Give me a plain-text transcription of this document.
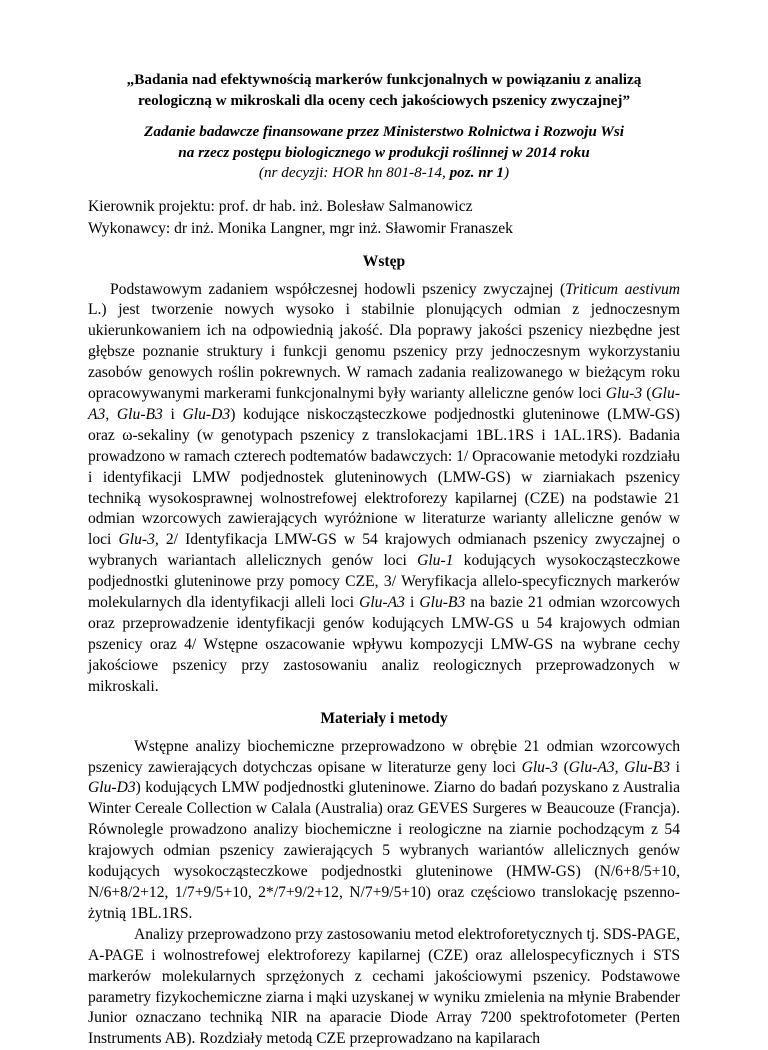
„Badania nad efektywnością markerów funkcjonalnych w powiązaniu z analizą reologiczną w mikroskali dla oceny cech jakościowych pszenicy zwyczajnej”
Zadanie badawcze finansowane przez Ministerstwo Rolnictwa i Rozwoju Wsi
na rzecz postępu biologicznego w produkcji roślinnej w 2014 roku
(nr decyzji: HOR hn 801-8-14, poz. nr 1)

Kierownik projektu: prof. dr hab. inż. Bolesław Salmanowicz

Wykonawcy: dr inż. Monika Langner, mgr inż. Sławomir Franaszek

Wstęp

Podstawowym zadaniem współczesnej hodowli pszenicy zwyczajnej (Triticum aestivum L.) jest tworzenie nowych wysoko i stabilnie plonujących odmian z jednoczesnym ukierunkowaniem ich na odpowiednią jakość. Dla poprawy jakości pszenicy niezbędne jest głębsze poznanie struktury i funkcji genomu pszenicy przy jednoczesnym wykorzystaniu zasobów genowych roślin pokrewnych. W ramach zadania realizowanego w bieżącym roku opracowywanymi markerami funkcjonalnymi były warianty alleliczne genów loci Glu-3 (Glu-A3, Glu-B3 i Glu-D3) kodujące niskocząsteczkowe podjednostki gluteninowe (LMW-GS) oraz ω-sekaliny (w genotypach pszenicy z translokacjami 1BL.1RS i 1AL.1RS). Badania prowadzono w ramach czterech podtematów badawczych: 1/ Opracowanie metodyki rozdziału i identyfikacji LMW podjednostek gluteninowych (LMW-GS) w ziarniakach pszenicy techniką wysokosprawnej wolnostrefowej elektroforezy kapilarnej (CZE) na podstawie 21 odmian wzorcowych zawierających wyróżnione w literaturze warianty alleliczne genów w loci Glu-3, 2/ Identyfikacja LMW-GS w 54 krajowych odmianach pszenicy zwyczajnej o wybranych wariantach allelicznych genów loci Glu-1 kodujących wysokocząsteczkowe podjednostki gluteninowe przy pomocy CZE, 3/ Weryfikacja allelo-specyficznych markerów molekularnych dla identyfikacji alleli loci Glu-A3 i Glu-B3 na bazie 21 odmian wzorcowych oraz przeprowadzenie identyfikacji genów kodujących LMW-GS u 54 krajowych odmian pszenicy oraz 4/ Wstępne oszacowanie wpływu kompozycji LMW-GS na wybrane cechy jakościowe pszenicy przy zastosowaniu analiz reologicznych przeprowadzonych w mikroskali.

Materiały i metody

Wstępne analizy biochemiczne przeprowadzono w obrębie 21 odmian wzorcowych pszenicy zawierających dotychczas opisane w literaturze geny loci Glu-3 (Glu-A3, Glu-B3 i Glu-D3) kodujących LMW podjednostki gluteninowe. Ziarno do badań pozyskano z Australia Winter Cereale Collection w Calala (Australia) oraz GEVES Surgeres w Beaucouze (Francja). Równolegle prowadzono analizy biochemiczne i reologiczne na ziarnie pochodzącym z 54 krajowych odmian pszenicy zawierających 5 wybranych wariantów allelicznych genów kodujących wysokocząsteczkowe podjednostki gluteninowe (HMW-GS) (N/6+8/5+10, N/6+8/2+12, 1/7+9/5+10, 2*/7+9/2+12, N/7+9/5+10) oraz częściowo translokację pszenno-żytnią 1BL.1RS.

Analizy przeprowadzono przy zastosowaniu metod elektroforetycznych tj. SDS-PAGE, A-PAGE i wolnostrefowej elektroforezy kapilarnej (CZE) oraz allelospecyficznych i STS markerów molekularnych sprzężonych z cechami jakościowymi pszenicy. Podstawowe parametry fizykochemiczne ziarna i mąki uzyskanej w wyniku zmielenia na młynie Brabender Junior oznaczano techniką NIR na aparacie Diode Array 7200 spektrofotometer (Perten Instruments AB). Rozdziały metodą CZE przeprowadzano na kapilarach
